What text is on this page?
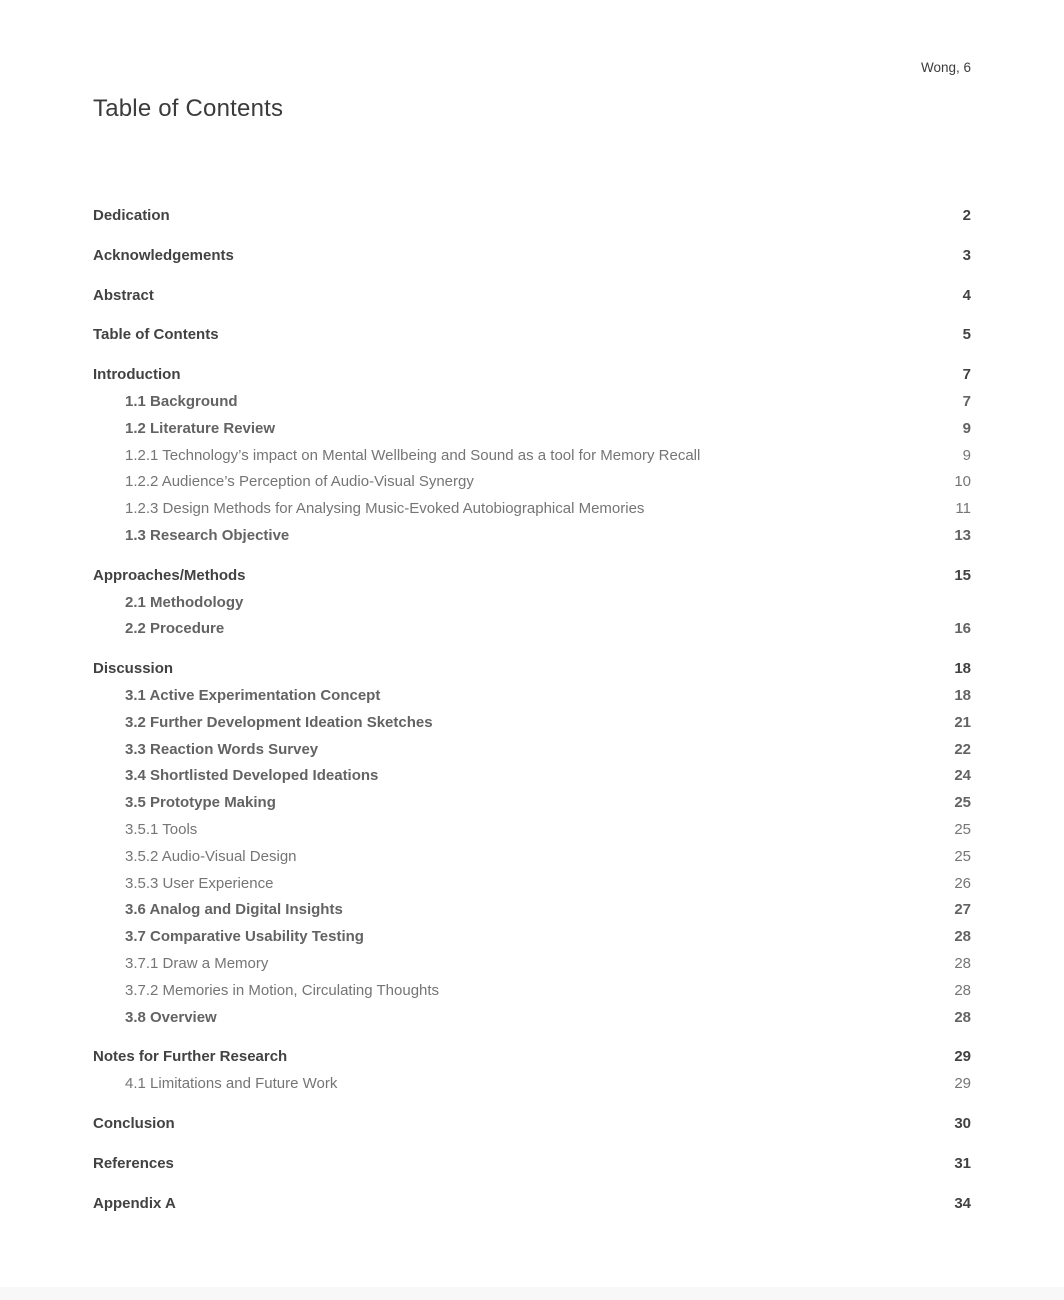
Wong, 6
Table of Contents
Dedication	2
Acknowledgements	3
Abstract	4
Table of Contents	5
Introduction	7
1.1 Background	7
1.2 Literature Review	9
1.2.1 Technology’s impact on Mental Wellbeing and Sound as a tool for Memory Recall	9
1.2.2 Audience’s Perception of Audio-Visual Synergy	10
1.2.3 Design Methods for Analysing Music-Evoked Autobiographical Memories	11
1.3 Research Objective	13
Approaches/Methods	15
2.1 Methodology
2.2 Procedure	16
Discussion	18
3.1 Active Experimentation Concept	18
3.2 Further Development Ideation Sketches	21
3.3 Reaction Words Survey	22
3.4 Shortlisted Developed Ideations	24
3.5 Prototype Making	25
3.5.1 Tools	25
3.5.2 Audio-Visual Design	25
3.5.3 User Experience	26
3.6 Analog and Digital Insights	27
3.7 Comparative Usability Testing	28
3.7.1 Draw a Memory	28
3.7.2 Memories in Motion, Circulating Thoughts	28
3.8 Overview	28
Notes for Further Research	29
4.1 Limitations and Future Work	29
Conclusion	30
References	31
Appendix A	34
